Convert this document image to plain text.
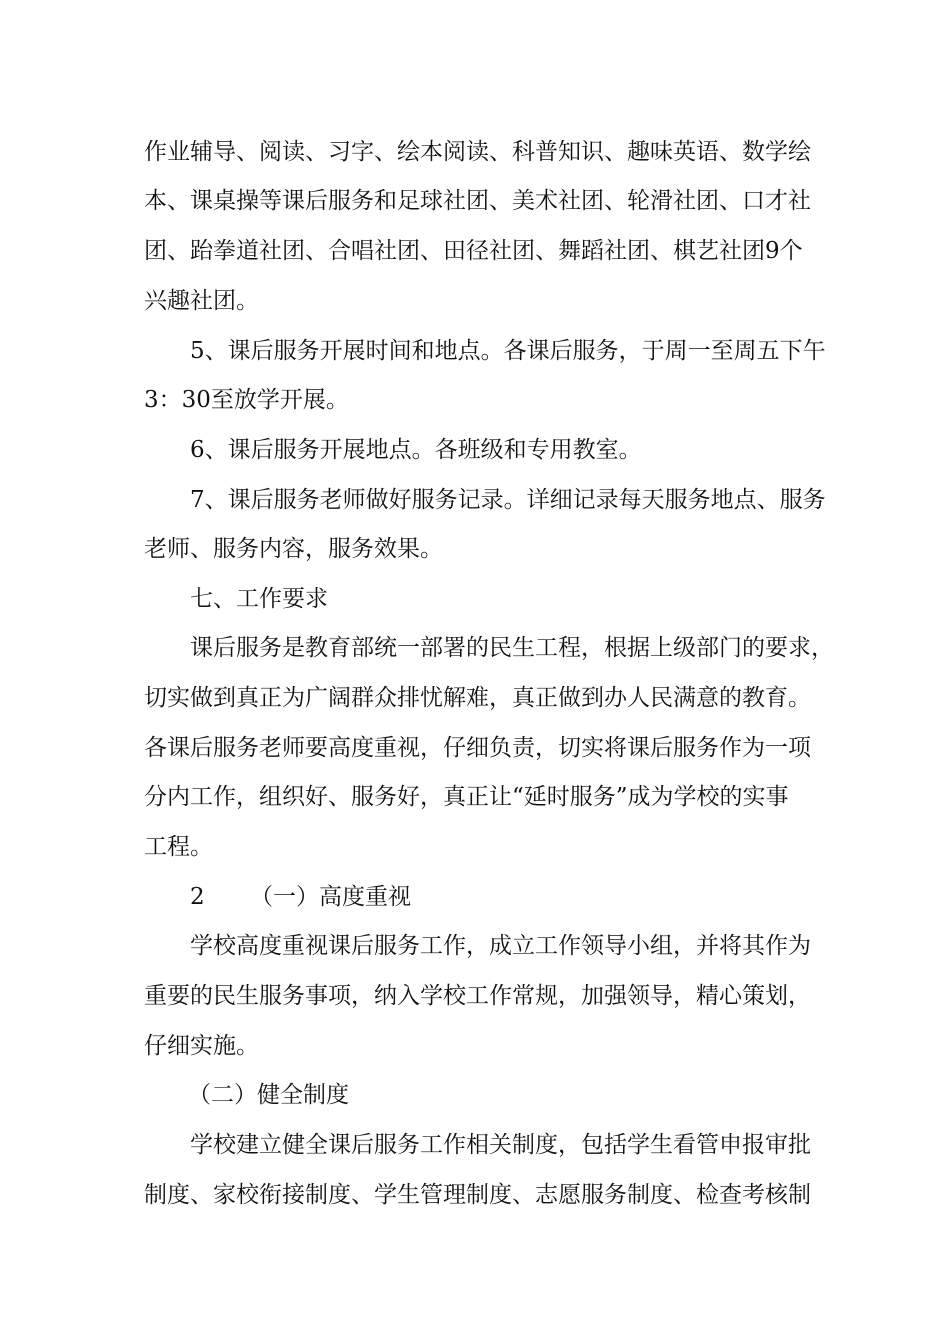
作业辅导、阅读、习字、绘本阅读、科普知识、趣味英语、数学绘

本、课桌操等课后服务和足球社团、美术社团、轮滑社团、口才社

团、跆拳道社团、合唱社团、田径社团、舞蹈社团、棋艺社团9个

兴趣社团。

5、课后服务开展时间和地点。各课后服务，于周一至周五下午

3：30至放学开展。

6、课后服务开展地点。各班级和专用教室。

7、课后服务老师做好服务记录。详细记录每天服务地点、服务

老师、服务内容，服务效果。

七、工作要求

课后服务是教育部统一部署的民生工程，根据上级部门的要求，

切实做到真正为广阔群众排忧解难，真正做到办人民满意的教育。

各课后服务老师要高度重视，仔细负责，切实将课后服务作为一项

分内工作，组织好、服务好，真正让“延时服务”成为学校的实事

工程。

2 （一）高度重视

学校高度重视课后服务工作，成立工作领导小组，并将其作为

重要的民生服务事项，纳入学校工作常规，加强领导，精心策划，

仔细实施。

（二）健全制度

学校建立健全课后服务工作相关制度，包括学生看管申报审批

制度、家校衔接制度、学生管理制度、志愿服务制度、检查考核制
